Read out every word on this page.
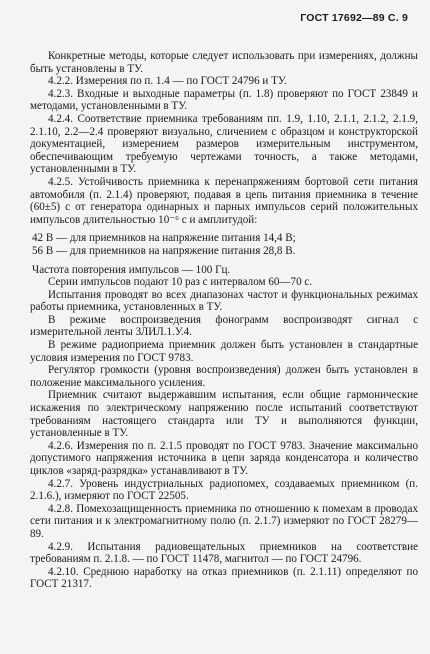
ГОСТ 17692—89 С. 9

Конкретные методы, которые следует использовать при измерениях, должны быть установлены в ТУ.

4.2.2. Измерения по п. 1.4 — по ГОСТ 24796 и ТУ.

4.2.3. Входные и выходные параметры (п. 1.8) проверяют по ГОСТ 23849 и методами, установленными в ТУ.

4.2.4. Соответствие приемника требованиям пп. 1.9, 1.10, 2.1.1, 2.1.2, 2.1.9, 2.1.10, 2.2—2.4 проверяют визуально, сличением с образцом и конструкторской документацией, измерением размеров измерительным инструментом, обеспечивающим требуемую чертежами точность, а также методами, установленными в ТУ.

4.2.5. Устойчивость приемника к перенапряжениям бортовой сети питания автомобиля (п. 2.1.4) проверяют, подавая в цепь питания приемника в течение (60±5) с от генератора одинарных и парных импульсов серий положительных импульсов длительностью 10⁻⁶ с и амплитудой:

42 В — для приемников на напряжение питания 14,4 В;

56 В — для приемников на напряжение питания 28,8 В.

Частота повторения импульсов — 100 Гц.

Серии импульсов подают 10 раз с интервалом 60—70 с.

Испытания проводят во всех диапазонах частот и функциональных режимах работы приемника, установленных в ТУ.

В режиме воспроизведения фонограмм воспроизводят сигнал с измерительной ленты ЗЛИЛ.1.У.4.

В режиме радиоприема приемник должен быть установлен в стандартные условия измерения по ГОСТ 9783.

Регулятор громкости (уровня воспроизведения) должен быть установлен в положение максимального усиления.

Приемник считают выдержавшим испытания, если общие гармонические искажения по электрическому напряжению после испытаний соответствуют требованиям настоящего стандарта или ТУ и выполняются функции, установленные в ТУ.

4.2.6. Измерения по п. 2.1.5 проводят по ГОСТ 9783. Значение максимально допустимого напряжения источника в цепи заряда конденсатора и количество циклов «заряд-разрядка» устанавливают в ТУ.

4.2.7. Уровень индустриальных радиопомех, создаваемых приемником (п. 2.1.6.), измеряют по ГОСТ 22505.

4.2.8. Помехозащищенность приемника по отношению к помехам в проводах сети питания и к электромагнитному полю (п. 2.1.7) измеряют по ГОСТ 28279—89.

4.2.9. Испытания радиовещательных приемников на соответствие требованиям п. 2.1.8. — по ГОСТ 11478, магнитол — по ГОСТ 24796.

4.2.10. Среднюю наработку на отказ приемников (п. 2.1.11) определяют по ГОСТ 21317.
